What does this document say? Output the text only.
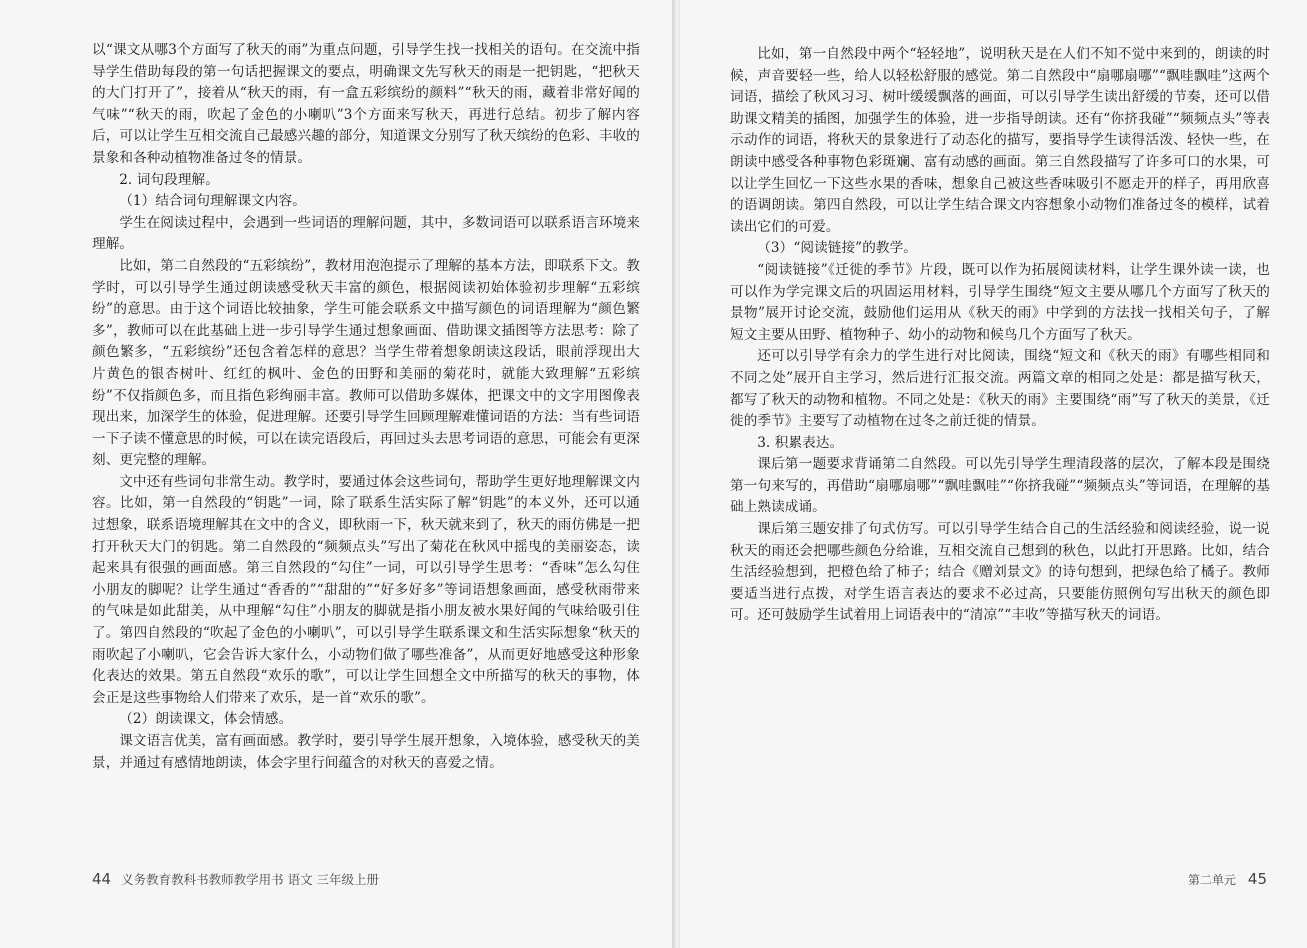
以“课文从哪3个方面写了秋天的雨”为重点问题，引导学生找一找相关的语句。在交流中指导学生借助每段的第一句话把握课文的要点，明确课文先写秋天的雨是一把钥匙，“把秋天的大门打开了”，接着从“秋天的雨，有一盒五彩缤纷的颜料”“秋天的雨，藏着非常好闻的气味”“秋天的雨，吹起了金色的小喇叭”3个方面来写秋天，再进行总结。初步了解内容后，可以让学生互相交流自己最感兴趣的部分，知道课文分别写了秋天缤纷的色彩、丰收的景象和各种动植物准备过冬的情景。

2. 词句段理解。

（1）结合词句理解课文内容。

学生在阅读过程中，会遇到一些词语的理解问题，其中，多数词语可以联系语言环境来理解。

比如，第二自然段的“五彩缤纷”，教材用泡泡提示了理解的基本方法，即联系下文。教学时，可以引导学生通过朗读感受秋天丰富的颜色，根据阅读初始体验初步理解“五彩缤纷”的意思。由于这个词语比较抽象，学生可能会联系文中描写颜色的词语理解为“颜色繁多”，教师可以在此基础上进一步引导学生通过想象画面、借助课文插图等方法思考：除了颜色繁多，“五彩缤纷”还包含着怎样的意思？当学生带着想象朗读这段话，眼前浮现出大片黄色的银杏树叶、红红的枫叶、金色的田野和美丽的菊花时，就能大致理解“五彩缤纷”不仅指颜色多，而且指色彩绚丽丰富。教师可以借助多媒体，把课文中的文字用图像表现出来，加深学生的体验，促进理解。还要引导学生回顾理解难懂词语的方法：当有些词语一下子读不懂意思的时候，可以在读完语段后，再回过头去思考词语的意思，可能会有更深刻、更完整的理解。

文中还有些词句非常生动。教学时，要通过体会这些词句，帮助学生更好地理解课文内容。比如，第一自然段的“钥匙”一词，除了联系生活实际了解“钥匙”的本义外，还可以通过想象，联系语境理解其在文中的含义，即秋雨一下，秋天就来到了，秋天的雨仿佛是一把打开秋天大门的钥匙。第二自然段的“频频点头”写出了菊花在秋风中摇曳的美丽姿态，读起来具有很强的画面感。第三自然段的“勾住”一词，可以引导学生思考：“香味”怎么勾住小朋友的脚呢？让学生通过“香香的”“甜甜的”“好多好多”等词语想象画面，感受秋雨带来的气味是如此甜美，从中理解“勾住”小朋友的脚就是指小朋友被水果好闻的气味给吸引住了。第四自然段的“吹起了金色的小喇叭”，可以引导学生联系课文和生活实际想象“秋天的雨吹起了小喇叭，它会告诉大家什么，小动物们做了哪些准备”，从而更好地感受这种形象化表达的效果。第五自然段“欢乐的歌”，可以让学生回想全文中所描写的秋天的事物，体会正是这些事物给人们带来了欢乐，是一首“欢乐的歌”。

（2）朗读课文，体会情感。

课文语言优美，富有画面感。教学时，要引导学生展开想象，入境体验，感受秋天的美景，并通过有感情地朗读，体会字里行间蕴含的对秋天的喜爱之情。

44 义务教育教科书教师教学用书 语文 三年级上册

比如，第一自然段中两个“轻轻地”，说明秋天是在人们不知不觉中来到的，朗读的时候，声音要轻一些，给人以轻松舒服的感觉。第二自然段中“扇哪扇哪”“飘哇飘哇”这两个词语，描绘了秋风习习、树叶缓缓飘落的画面，可以引导学生读出舒缓的节奏，还可以借助课文精美的插图，加强学生的体验，进一步指导朗读。还有“你挤我碰”“频频点头”等表示动作的词语，将秋天的景象进行了动态化的描写，要指导学生读得活泼、轻快一些，在朗读中感受各种事物色彩斑斓、富有动感的画面。第三自然段描写了许多可口的水果，可以让学生回忆一下这些水果的香味，想象自己被这些香味吸引不愿走开的样子，再用欣喜的语调朗读。第四自然段，可以让学生结合课文内容想象小动物们准备过冬的模样，试着读出它们的可爱。

（3）“阅读链接”的教学。

“阅读链接”《迁徙的季节》片段，既可以作为拓展阅读材料，让学生课外读一读，也可以作为学完课文后的巩固运用材料，引导学生围绕“短文主要从哪几个方面写了秋天的景物”展开讨论交流，鼓励他们运用从《秋天的雨》中学到的方法找一找相关句子，了解短文主要从田野、植物种子、幼小的动物和候鸟几个方面写了秋天。

还可以引导学有余力的学生进行对比阅读，围绕“短文和《秋天的雨》有哪些相同和不同之处”展开自主学习，然后进行汇报交流。两篇文章的相同之处是：都是描写秋天，都写了秋天的动物和植物。不同之处是：《秋天的雨》主要围绕“雨”写了秋天的美景，《迁徙的季节》主要写了动植物在过冬之前迁徙的情景。

3. 积累表达。

课后第一题要求背诵第二自然段。可以先引导学生理清段落的层次，了解本段是围绕第一句来写的，再借助“扇哪扇哪”“飘哇飘哇”“你挤我碰”“频频点头”等词语，在理解的基础上熟读成诵。

课后第三题安排了句式仿写。可以引导学生结合自己的生活经验和阅读经验，说一说秋天的雨还会把哪些颜色分给谁，互相交流自己想到的秋色，以此打开思路。比如，结合生活经验想到，把橙色给了柿子；结合《赠刘景文》的诗句想到，把绿色给了橘子。教师要适当进行点拨，对学生语言表达的要求不必过高，只要能仿照例句写出秋天的颜色即可。还可鼓励学生试着用上词语表中的“清凉”“丰收”等描写秋天的词语。

第二单元 45
